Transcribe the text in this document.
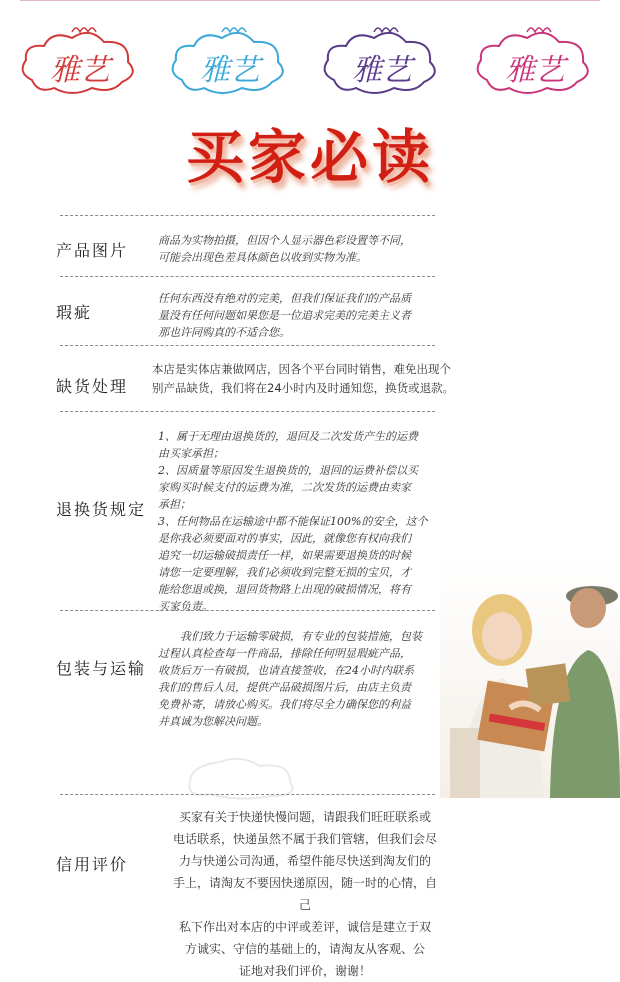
雅艺	雅艺	雅艺	雅艺
买家必读
产品图片
商品为实物拍摄，但因个人显示器色彩设置等不同，
可能会出现色差具体颜色以收到实物为准。
瑕疵
任何东西没有绝对的完美，但我们保证我们的产品质
量没有任何问题如果您是一位追求完美的完美主义者
那也许同购真的不适合您。
缺货处理
本店是实体店兼做网店，因各个平台同时销售，难免出现个
别产品缺货，我们将在24小时内及时通知您，换货或退款。
退换货规定
1、属于无理由退换货的，退回及二次发货产生的运费
由买家承担；
2、因质量等原因发生退换货的，退回的运费补偿以买
家购买时候支付的运费为准，二次发货的运费由卖家
承担；
3、任何物品在运输途中都不能保证100%的安全，这个
是你我必须要面对的事实，因此，就像您有权向我们
追究一切运输破损责任一样，如果需要退换货的时候
请您一定要理解，我们必须收到完整无损的宝贝，才
能给您退或换，退回货物路上出现的破损情况，将有
买家负责。
包装与运输
　　我们致力于运输零破损，有专业的包装措施，包装
过程认真检查每一件商品，排除任何明显瑕疵产品，
收货后万一有破损，也请直接签收，在24小时内联系
我们的售后人员，提供产品破损图片后，由店主负责
免费补寄，请放心购买。我们将尽全力确保您的利益
并真诚为您解决问题。
信用评价
买家有关于快递快慢问题，请跟我们旺旺联系或
电话联系，快递虽然不属于我们管辖，但我们会尽
力与快递公司沟通，希望件能尽快送到淘友们的
手上，请淘友不要因快递原因，随一时的心情，自己
私下作出对本店的中评或差评，诚信是建立于双
方诚实、守信的基础上的，请淘友从客观、公
证地对我们评价，谢谢！
